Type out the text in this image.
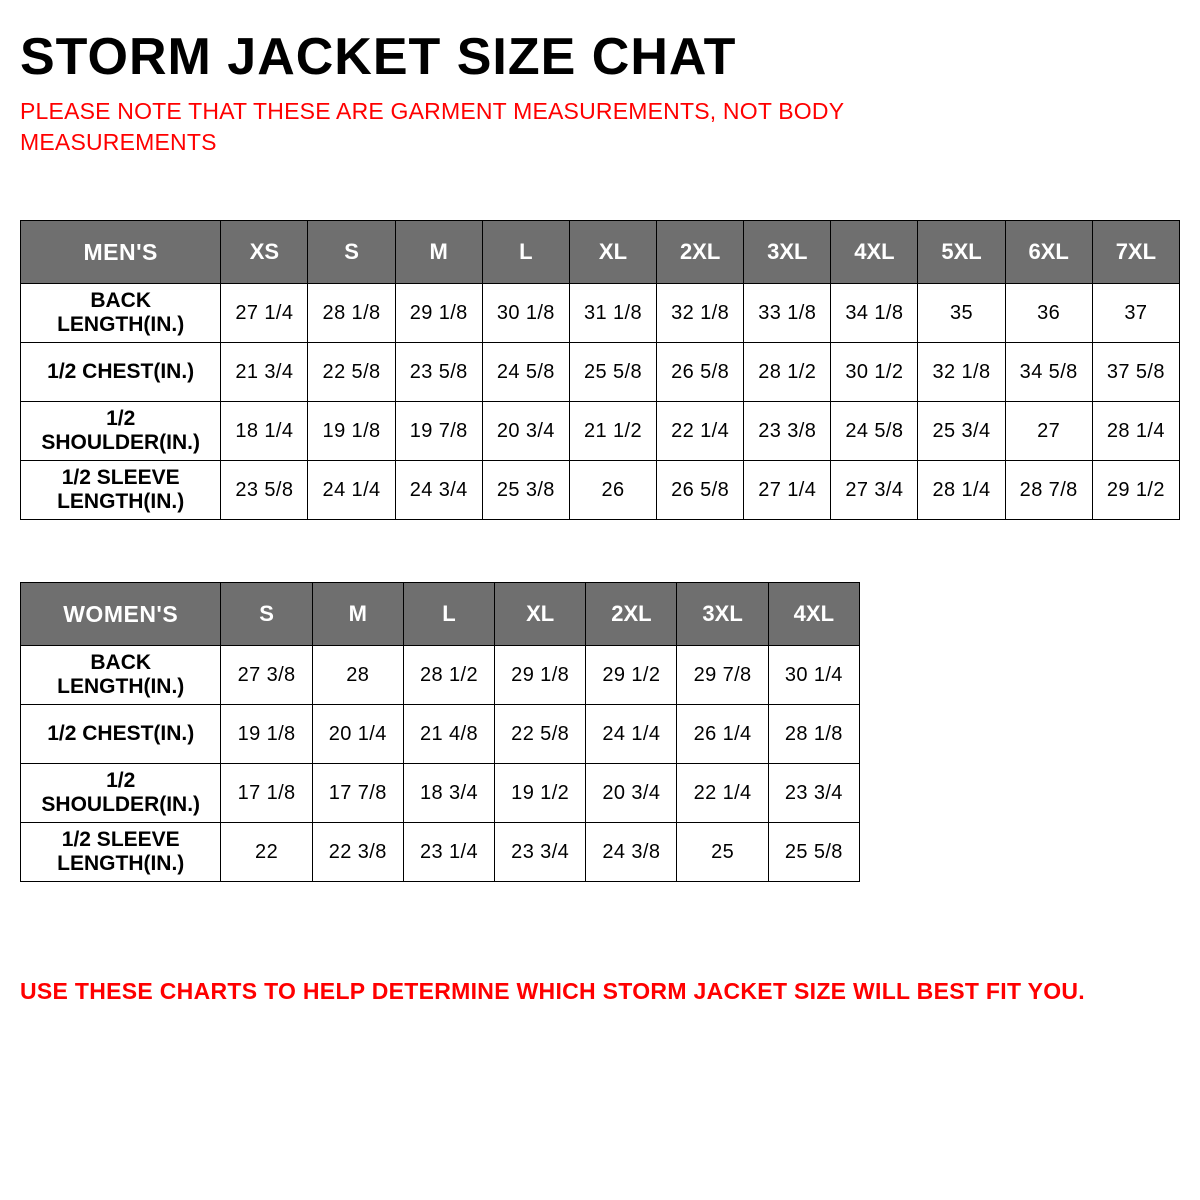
STORM JACKET SIZE CHAT

PLEASE NOTE THAT THESE ARE GARMENT MEASUREMENTS, NOT BODY MEASUREMENTS

MEN'S	XS	S	M	L	XL	2XL	3XL	4XL	5XL	6XL	7XL

BACK
LENGTH(IN.)	27 1/4	28 1/8	29 1/8	30 1/8	31 1/8	32 1/8	33 1/8	34 1/8	35	36	37

1/2 CHEST(IN.)	21 3/4	22 5/8	23 5/8	24 5/8	25 5/8	26 5/8	28 1/2	30 1/2	32 1/8	34 5/8	37 5/8

1/2 SHOULDER(IN.)	18 1/4	19 1/8	19 7/8	20 3/4	21 1/2	22 1/4	23 3/8	24 5/8	25 3/4	27	28 1/4

1/2 SLEEVE
LENGTH(IN.)	23 5/8	24 1/4	24 3/4	25 3/8	26	26 5/8	27 1/4	27 3/4	28 1/4	28 7/8	29 1/2
WOMEN'S	S	M	L	XL	2XL	3XL	4XL

BACK
LENGTH(IN.)	27 3/8	28	28 1/2	29 1/8	29 1/2	29 7/8	30 1/4

1/2 CHEST(IN.)	19 1/8	20 1/4	21 4/8	22 5/8	24 1/4	26 1/4	28 1/8

1/2 SHOULDER(IN.)	17 1/8	17 7/8	18 3/4	19 1/2	20 3/4	22 1/4	23 3/4

1/2 SLEEVE
LENGTH(IN.)	22	22 3/8	23 1/4	23 3/4	24 3/8	25	25 5/8
USE THESE CHARTS TO HELP DETERMINE WHICH STORM JACKET SIZE WILL BEST FIT YOU.
